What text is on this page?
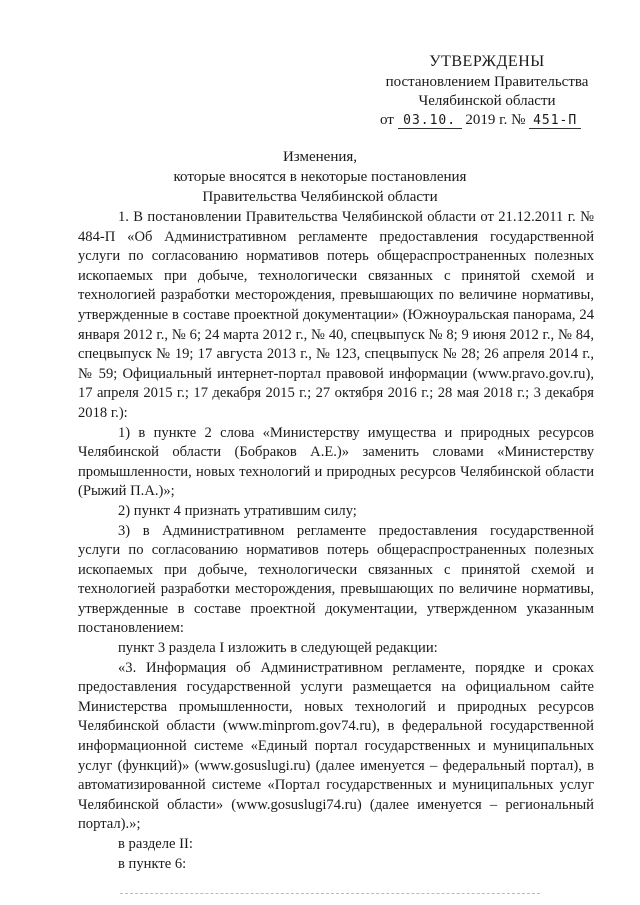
УТВЕРЖДЕНЫ
постановлением Правительства
Челябинской области
от 03.10. 2019 г. № 451-П
Изменения,
которые вносятся в некоторые постановления
Правительства Челябинской области

1. В постановлении Правительства Челябинской области от 21.12.2011 г. № 484-П «Об Административном регламенте предоставления государственной услуги по согласованию нормативов потерь общераспространенных полезных ископаемых при добыче, технологически связанных с принятой схемой и технологией разработки месторождения, превышающих по величине нормативы, утвержденные в составе проектной документации» (Южноуральская панорама, 24 января 2012 г., № 6; 24 марта 2012 г., № 40, спецвыпуск № 8; 9 июня 2012 г., № 84, спецвыпуск № 19; 17 августа 2013 г., № 123, спецвыпуск № 28; 26 апреля 2014 г., № 59; Официальный интернет-портал правовой информации (www.pravo.gov.ru), 17 апреля 2015 г.; 17 декабря 2015 г.; 27 октября 2016 г.; 28 мая 2018 г.; 3 декабря 2018 г.):

1) в пункте 2 слова «Министерству имущества и природных ресурсов Челябинской области (Бобраков А.Е.)» заменить словами «Министерству промышленности, новых технологий и природных ресурсов Челябинской области (Рыжий П.А.)»;

2) пункт 4 признать утратившим силу;

3) в Административном регламенте предоставления государственной услуги по согласованию нормативов потерь общераспространенных полезных ископаемых при добыче, технологически связанных с принятой схемой и технологией разработки месторождения, превышающих по величине нормативы, утвержденные в составе проектной документации, утвержденном указанным постановлением:

пункт 3 раздела I изложить в следующей редакции:

«3. Информация об Административном регламенте, порядке и сроках предоставления государственной услуги размещается на официальном сайте Министерства промышленности, новых технологий и природных ресурсов Челябинской области (www.minprom.gov74.ru), в федеральной государственной информационной системе «Единый портал государственных и муниципальных услуг (функций)» (www.gosuslugi.ru) (далее именуется – федеральный портал), в автоматизированной системе «Портал государственных и муниципальных услуг Челябинской области» (www.gosuslugi74.ru) (далее именуется – региональный портал).»;

в разделе II:

в пункте 6:
